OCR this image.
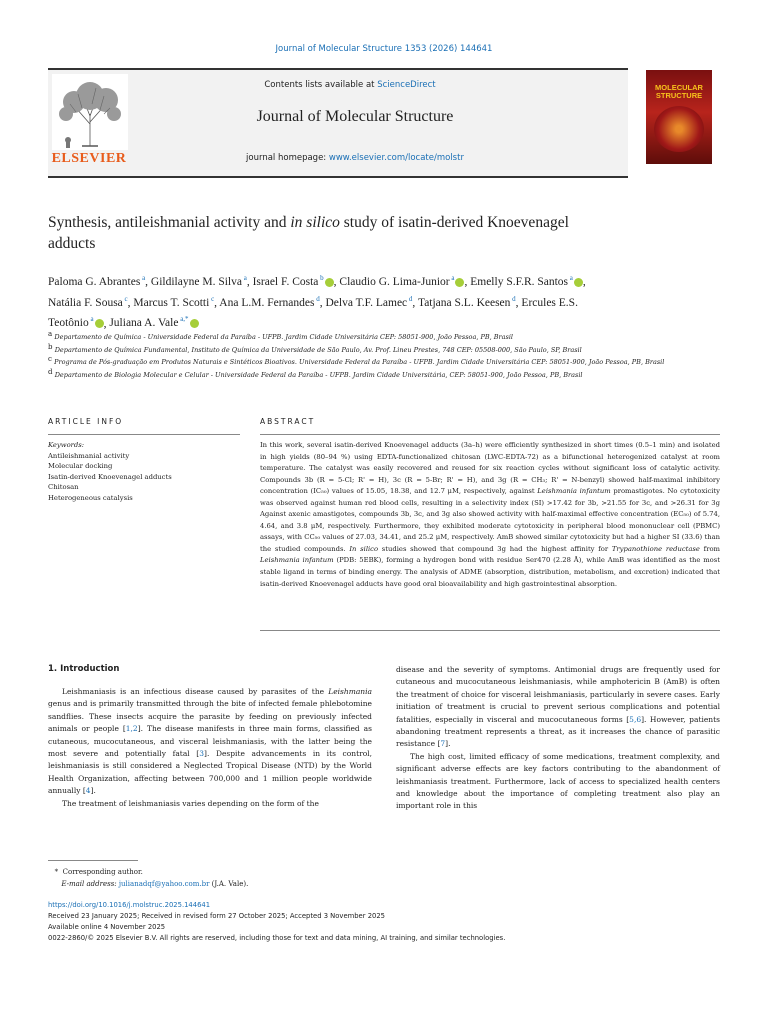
Journal of Molecular Structure 1353 (2026) 144641
ELSEVIER
Contents lists available at ScienceDirect
Journal of Molecular Structure
journal homepage: www.elsevier.com/locate/molstr
MOLECULAR STRUCTURE
Synthesis, antileishmanial activity and in silico study of isatin-derived Knoevenagel adducts
Paloma G. Abrantes $^a$, Gildilayne M. Silva $^a$, Israel F. Costa $^b$ , Claudio G. Lima-Junior $^a$ , Emelly S.F.R. Santos $^a$ , Natália F. Sousa $^c$, Marcus T. Scotti $^c$, Ana L.M. Fernandes $^d$, Delva T.F. Lamec $^d$, Tatjana S.L. Keesen $^d$, Ercules E.S. Teotônio $^a$ , Juliana A. Vale $^{a,*}$
a Departamento de Química - Universidade Federal da Paraíba - UFPB. Jardim Cidade Universitária CEP: 58051-900, João Pessoa, PB, Brasil
b Departamento de Química Fundamental, Instituto de Química da Universidade de São Paulo, Av. Prof. Lineu Prestes, 748 CEP: 05508-000, São Paulo, SP, Brasil
c Programa de Pós-graduação em Produtos Naturais e Sintéticos Bioativos. Universidade Federal da Paraíba - UFPB. Jardim Cidade Universitária CEP: 58051-900, João Pessoa, PB, Brasil
d Departamento de Biologia Molecular e Celular - Universidade Federal da Paraíba - UFPB. Jardim Cidade Universitária, CEP: 58051-900, João Pessoa, PB, Brasil
ARTICLE INFO	ABSTRACT
Keywords:
Antileishmanial activity
Molecular docking
Isatin-derived Knoevenagel adducts
Chitosan
Heterogeneous catalysis
In this work, several isatin-derived Knoevenagel adducts (3a–h) were efficiently synthesized in short times (0.5–1 min) and isolated in high yields (80–94 %) using EDTA-functionalized chitosan (LWC-EDTA-72) as a bifunctional heterogenized catalyst at room temperature. The catalyst was easily recovered and reused for six reaction cycles without significant loss of catalytic activity. Compounds 3b (R = 5-Cl; R' = H), 3c (R = 5-Br; R' = H), and 3g (R = CH₃; R' = N-benzyl) showed half-maximal inhibitory concentration (IC₅₀) values of 15.05, 18.38, and 12.7 μM, respectively, against Leishmania infantum promastigotes. No cytotoxicity was observed against human red blood cells, resulting in a selectivity index (SI) >17.42 for 3b, >21.55 for 3c, and >26.31 for 3g Against axenic amastigotes, compounds 3b, 3c, and 3g also showed activity with half-maximal effective concentration (EC₅₀) of 5.74, 4.64, and 3.8 μM, respectively. Furthermore, they exhibited moderate cytotoxicity in peripheral blood mononuclear cell (PBMC) assays, with CC₅₀ values of 27.03, 34.41, and 25.2 μM, respectively. AmB showed similar cytotoxicity but had a higher SI (33.6) than the studied compounds. In silico studies showed that compound 3g had the highest affinity for Trypanothione reductase from Leishmania infantum (PDB: 5EBK), forming a hydrogen bond with residue Ser470 (2.28 Å), while AmB was identified as the most stable ligand in terms of binding energy. The analysis of ADME (absorption, distribution, metabolism, and excretion) indicated that isatin-derived Knoevenagel adducts have good oral bioavailability and high gastrointestinal absorption.
1. Introduction

Leishmaniasis is an infectious disease caused by parasites of the Leishmania genus and is primarily transmitted through the bite of infected female phlebotomine sandflies. These insects acquire the parasite by feeding on previously infected animals or people [1,2]. The disease manifests in three main forms, classified as cutaneous, mucocutaneous, and visceral leishmaniasis, with the latter being the most severe and potentially fatal [3]. Despite advancements in its control, leishmaniasis is still considered a Neglected Tropical Disease (NTD) by the World Health Organization, affecting between 700,000 and 1 million people worldwide annually [4].

The treatment of leishmaniasis varies depending on the form of the

disease and the severity of symptoms. Antimonial drugs are frequently used for cutaneous and mucocutaneous leishmaniasis, while amphotericin B (AmB) is often the treatment of choice for visceral leishmaniasis, particularly in severe cases. Early initiation of treatment is crucial to prevent serious complications and potential fatalities, especially in visceral and mucocutaneous forms [5,6]. However, patients abandoning treatment represents a threat, as it increases the chance of parasitic resistance [7].

The high cost, limited efficacy of some medications, treatment complexity, and significant adverse effects are key factors contributing to the abandonment of leishmaniasis treatment. Furthermore, lack of access to specialized health centers and knowledge about the importance of completing treatment also play an important role in this

*  Corresponding author.
E-mail address: julianadqf@yahoo.com.br (J.A. Vale).
https://doi.org/10.1016/j.molstruc.2025.144641
Received 23 January 2025; Received in revised form 27 October 2025; Accepted 3 November 2025
Available online 4 November 2025
0022-2860/© 2025 Elsevier B.V. All rights are reserved, including those for text and data mining, AI training, and similar technologies.
